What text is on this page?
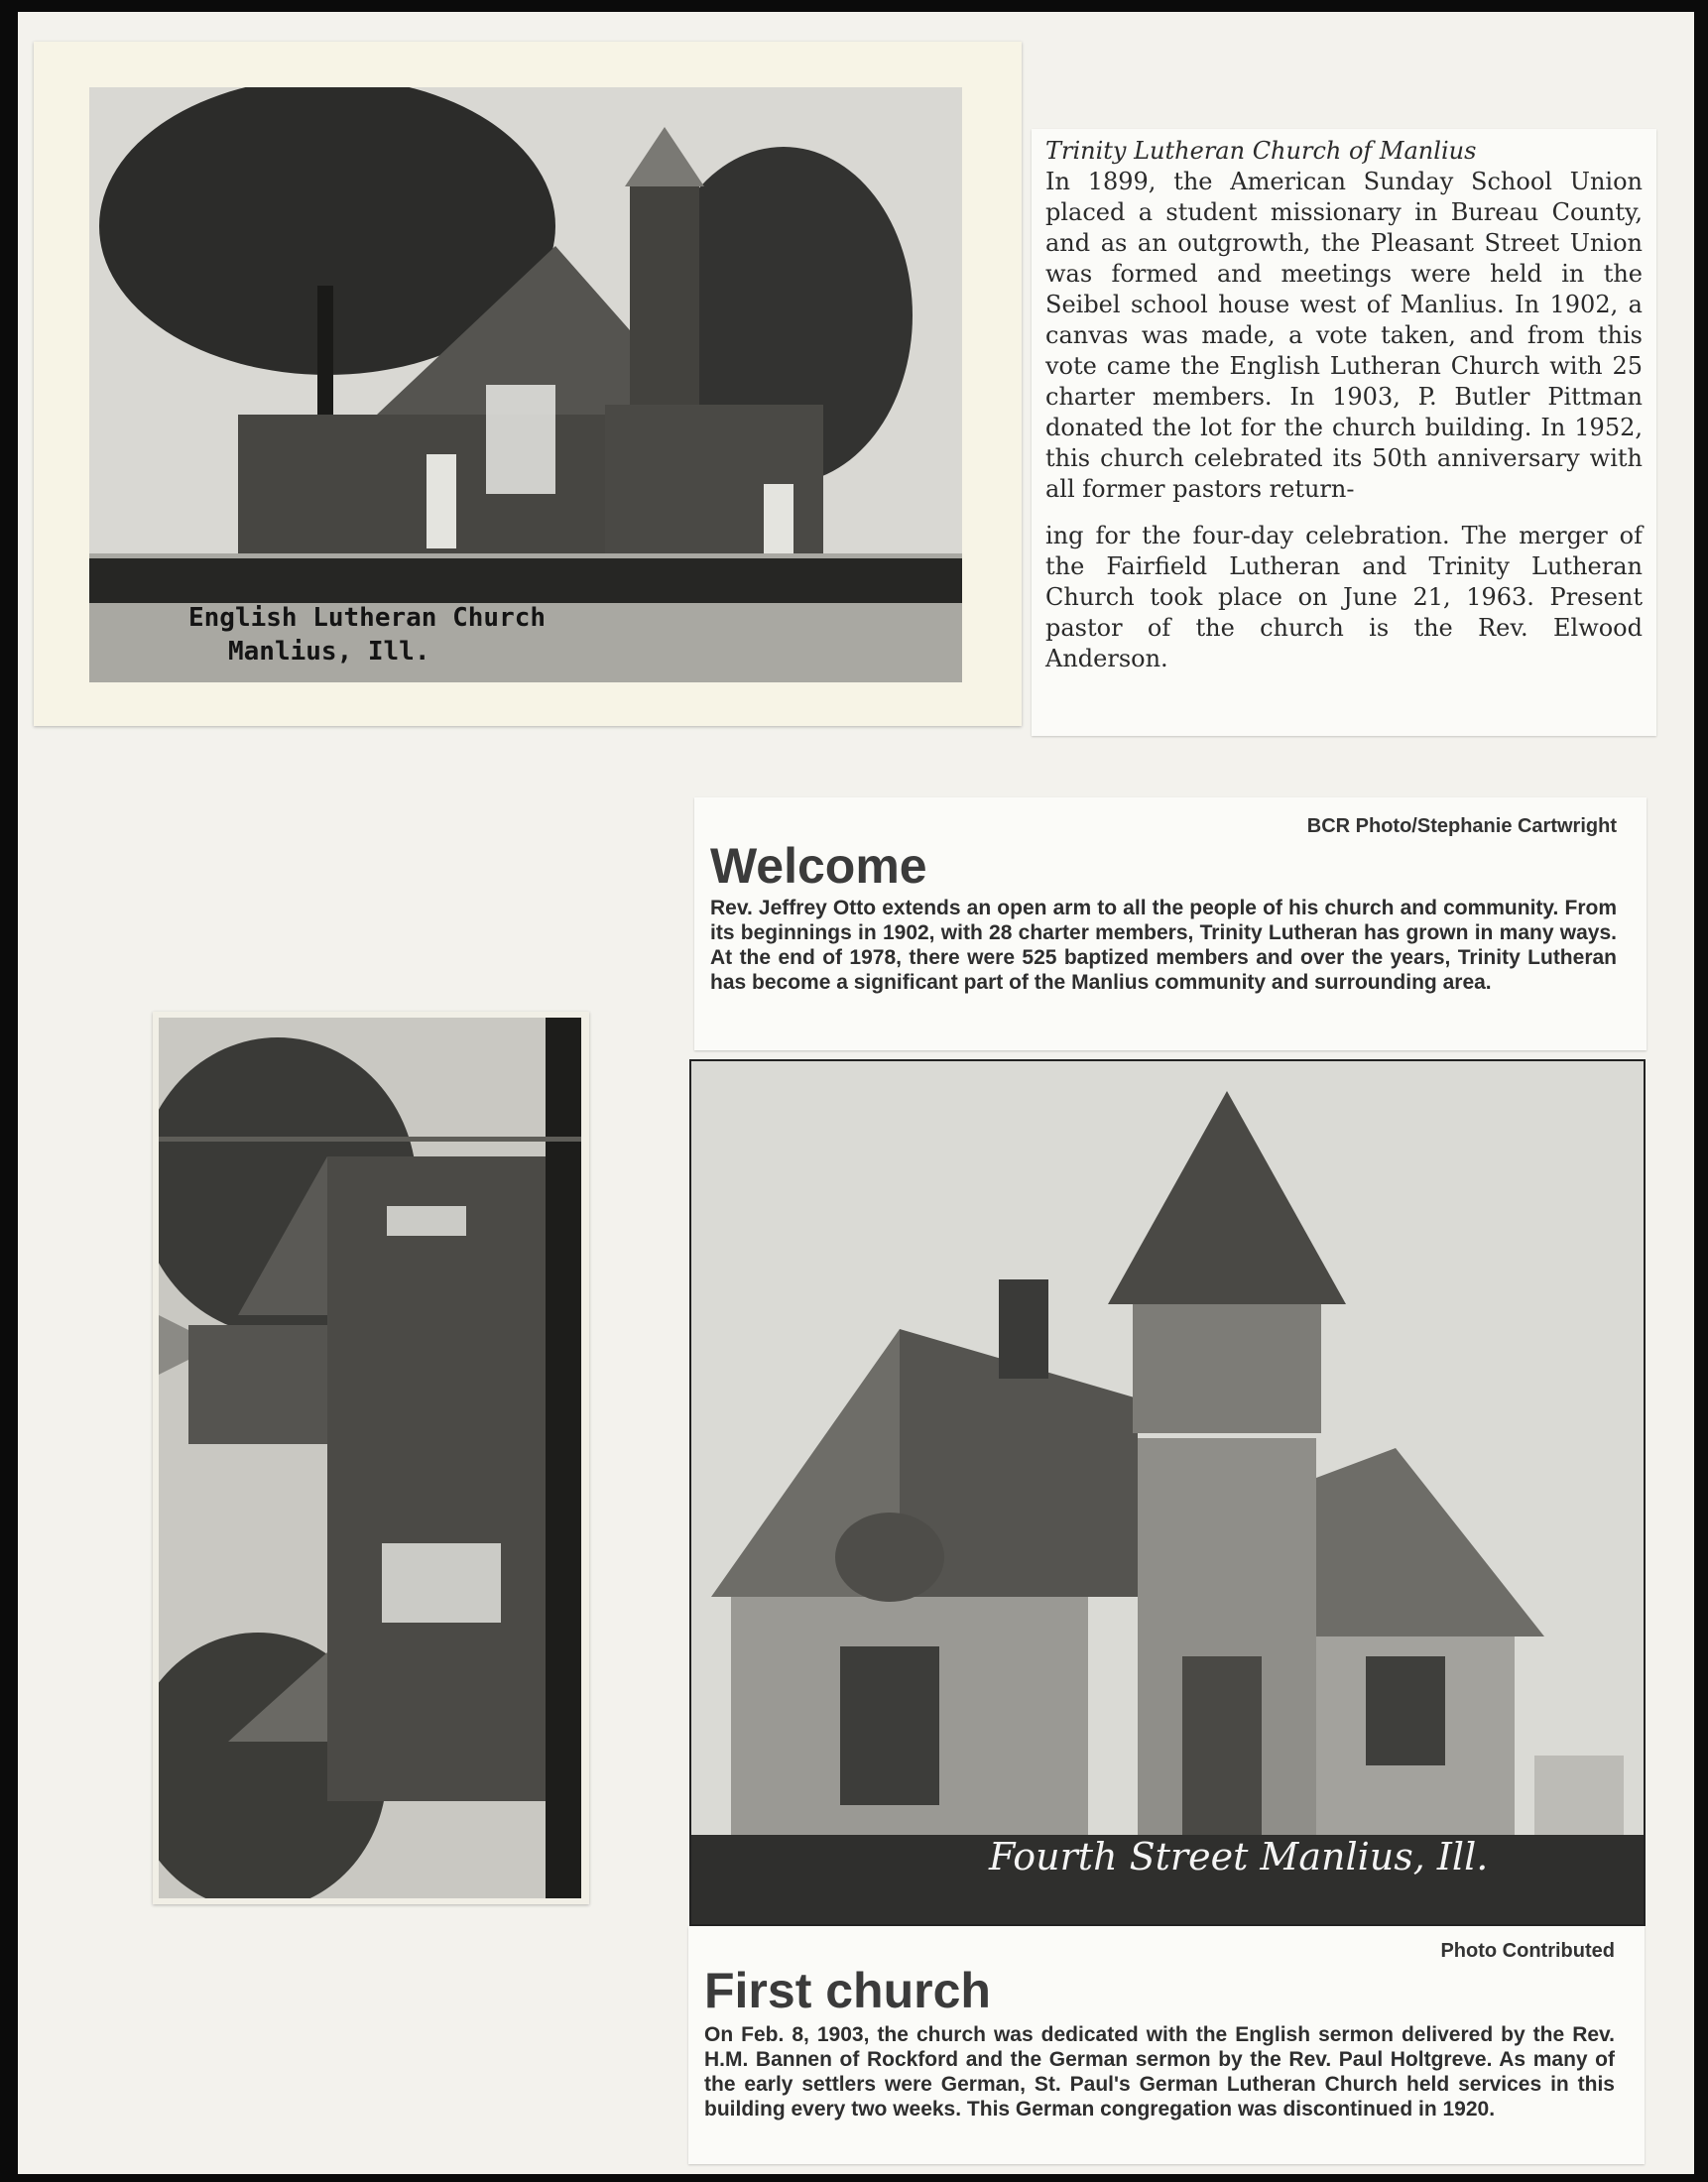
English Lutheran Church
Manlius, Ill.

Trinity Lutheran Church of Manlius

In 1899, the American Sunday School Union placed a student missionary in Bureau County, and as an outgrowth, the Pleasant Street Union was formed and meetings were held in the Seibel school house west of Manlius. In 1902, a canvas was made, a vote taken, and from this vote came the English Lutheran Church with 25 charter members. In 1903, P. Butler Pittman donated the lot for the church building. In 1952, this church celebrated its 50th anniversary with all former pastors return-

ing for the four-day celebration. The merger of the Fairfield Lutheran and Trinity Lutheran Church took place on June 21, 1963. Present pastor of the church is the Rev. Elwood Anderson.

BCR Photo/Stephanie Cartwright

Welcome

Rev. Jeffrey Otto extends an open arm to all the people of his church and community. From its beginnings in 1902, with 28 charter members, Trinity Lutheran has grown in many ways. At the end of 1978, there were 525 baptized members and over the years, Trinity Lutheran has become a significant part of the Manlius community and surrounding area.

Fourth Street Manlius, Ill.
Photo Contributed

First church

On Feb. 8, 1903, the church was dedicated with the English sermon delivered by the Rev. H.M. Bannen of Rockford and the German sermon by the Rev. Paul Holtgreve. As many of the early settlers were German, St. Paul's German Lutheran Church held services in this building every two weeks. This German congregation was discontinued in 1920.
